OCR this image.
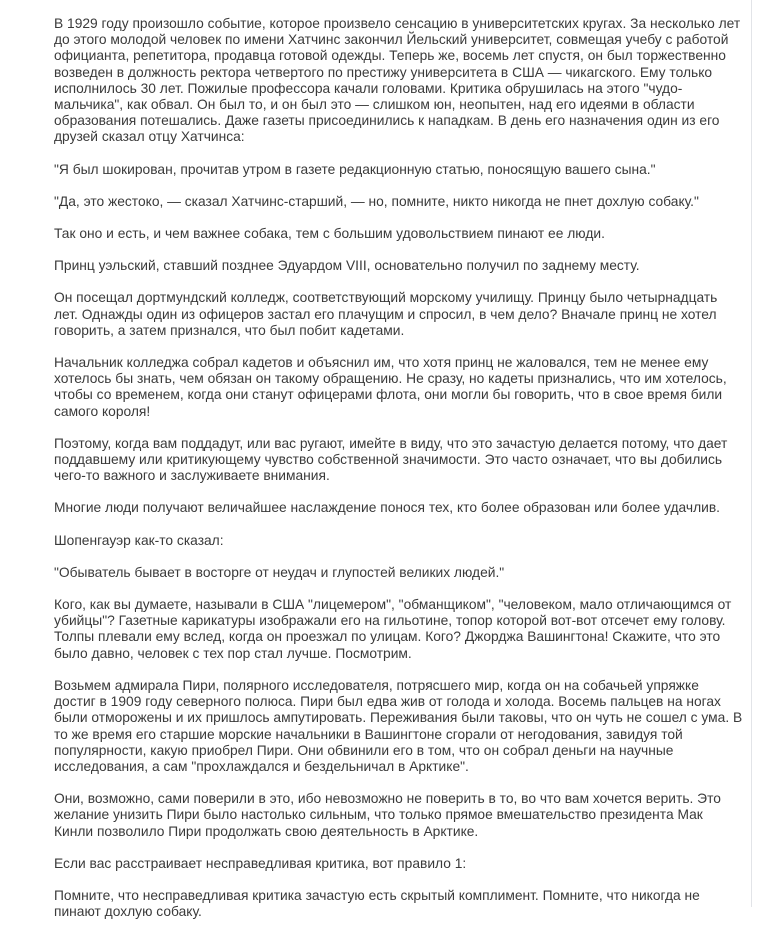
В 1929 году произошло событие, которое произвело сенсацию в университетских кругах. За несколько лет до этого молодой человек по имени Хатчинс закончил Йельский университет, совмещая учебу с работой официанта, репетитора, продавца готовой одежды. Теперь же, восемь лет спустя, он был торжественно возведен в должность ректора четвертого по престижу университета в США — чикагского. Ему только исполнилось 30 лет. Пожилые профессора качали головами. Критика обрушилась на этого "чудо-мальчика", как обвал. Он был то, и он был это — слишком юн, неопытен, над его идеями в области образования потешались. Даже газеты присоединились к нападкам. В день его назначения один из его друзей сказал отцу Хатчинса:

"Я был шокирован, прочитав утром в газете редакционную статью, поносящую вашего сына."

"Да, это жестоко, — сказал Хатчинс-старший, — но, помните, никто никогда не пнет дохлую собаку."

Так оно и есть, и чем важнее собака, тем с большим удовольствием пинают ее люди.

Принц уэльский, ставший позднее Эдуардом VIII, основательно получил по заднему месту.

Он посещал дортмундский колледж, соответствующий морскому училищу. Принцу было четырнадцать лет. Однажды один из офицеров застал его плачущим и спросил, в чем дело? Вначале принц не хотел говорить, а затем признался, что был побит кадетами.

Начальник колледжа собрал кадетов и объяснил им, что хотя принц не жаловался, тем не менее ему хотелось бы знать, чем обязан он такому обращению. Не сразу, но кадеты признались, что им хотелось, чтобы со временем, когда они станут офицерами флота, они могли бы говорить, что в свое время били самого короля!

Поэтому, когда вам поддадут, или вас ругают, имейте в виду, что это зачастую делается потому, что дает поддавшему или критикующему чувство собственной значимости. Это часто означает, что вы добились чего-то важного и заслуживаете внимания.

Многие люди получают величайшее наслаждение понося тех, кто более образован или более удачлив.

Шопенгауэр как-то сказал:

"Обыватель бывает в восторге от неудач и глупостей великих людей."

Кого, как вы думаете, называли в США "лицемером", "обманщиком", "человеком, мало отличающимся от убийцы"? Газетные карикатуры изображали его на гильотине, топор которой вот-вот отсечет ему голову. Толпы плевали ему вслед, когда он проезжал по улицам. Кого? Джорджа Вашингтона! Скажите, что это было давно, человек с тех пор стал лучше. Посмотрим.

Возьмем адмирала Пири, полярного исследователя, потрясшего мир, когда он на собачьей упряжке достиг в 1909 году северного полюса. Пири был едва жив от голода и холода. Восемь пальцев на ногах были отморожены и их пришлось ампутировать. Переживания были таковы, что он чуть не сошел с ума. В то же время его старшие морские начальники в Вашингтоне сгорали от негодования, завидуя той популярности, какую приобрел Пири. Они обвинили его в том, что он собрал деньги на научные исследования, а сам "прохлаждался и бездельничал в Арктике".

Они, возможно, сами поверили в это, ибо невозможно не поверить в то, во что вам хочется верить. Это желание унизить Пири было настолько сильным, что только прямое вмешательство президента Мак Кинли позволило Пири продолжать свою деятельность в Арктике.

Если вас расстраивает несправедливая критика, вот правило 1:

Помните, что несправедливая критика зачастую есть скрытый комплимент. Помните, что никогда не пинают дохлую собаку.
